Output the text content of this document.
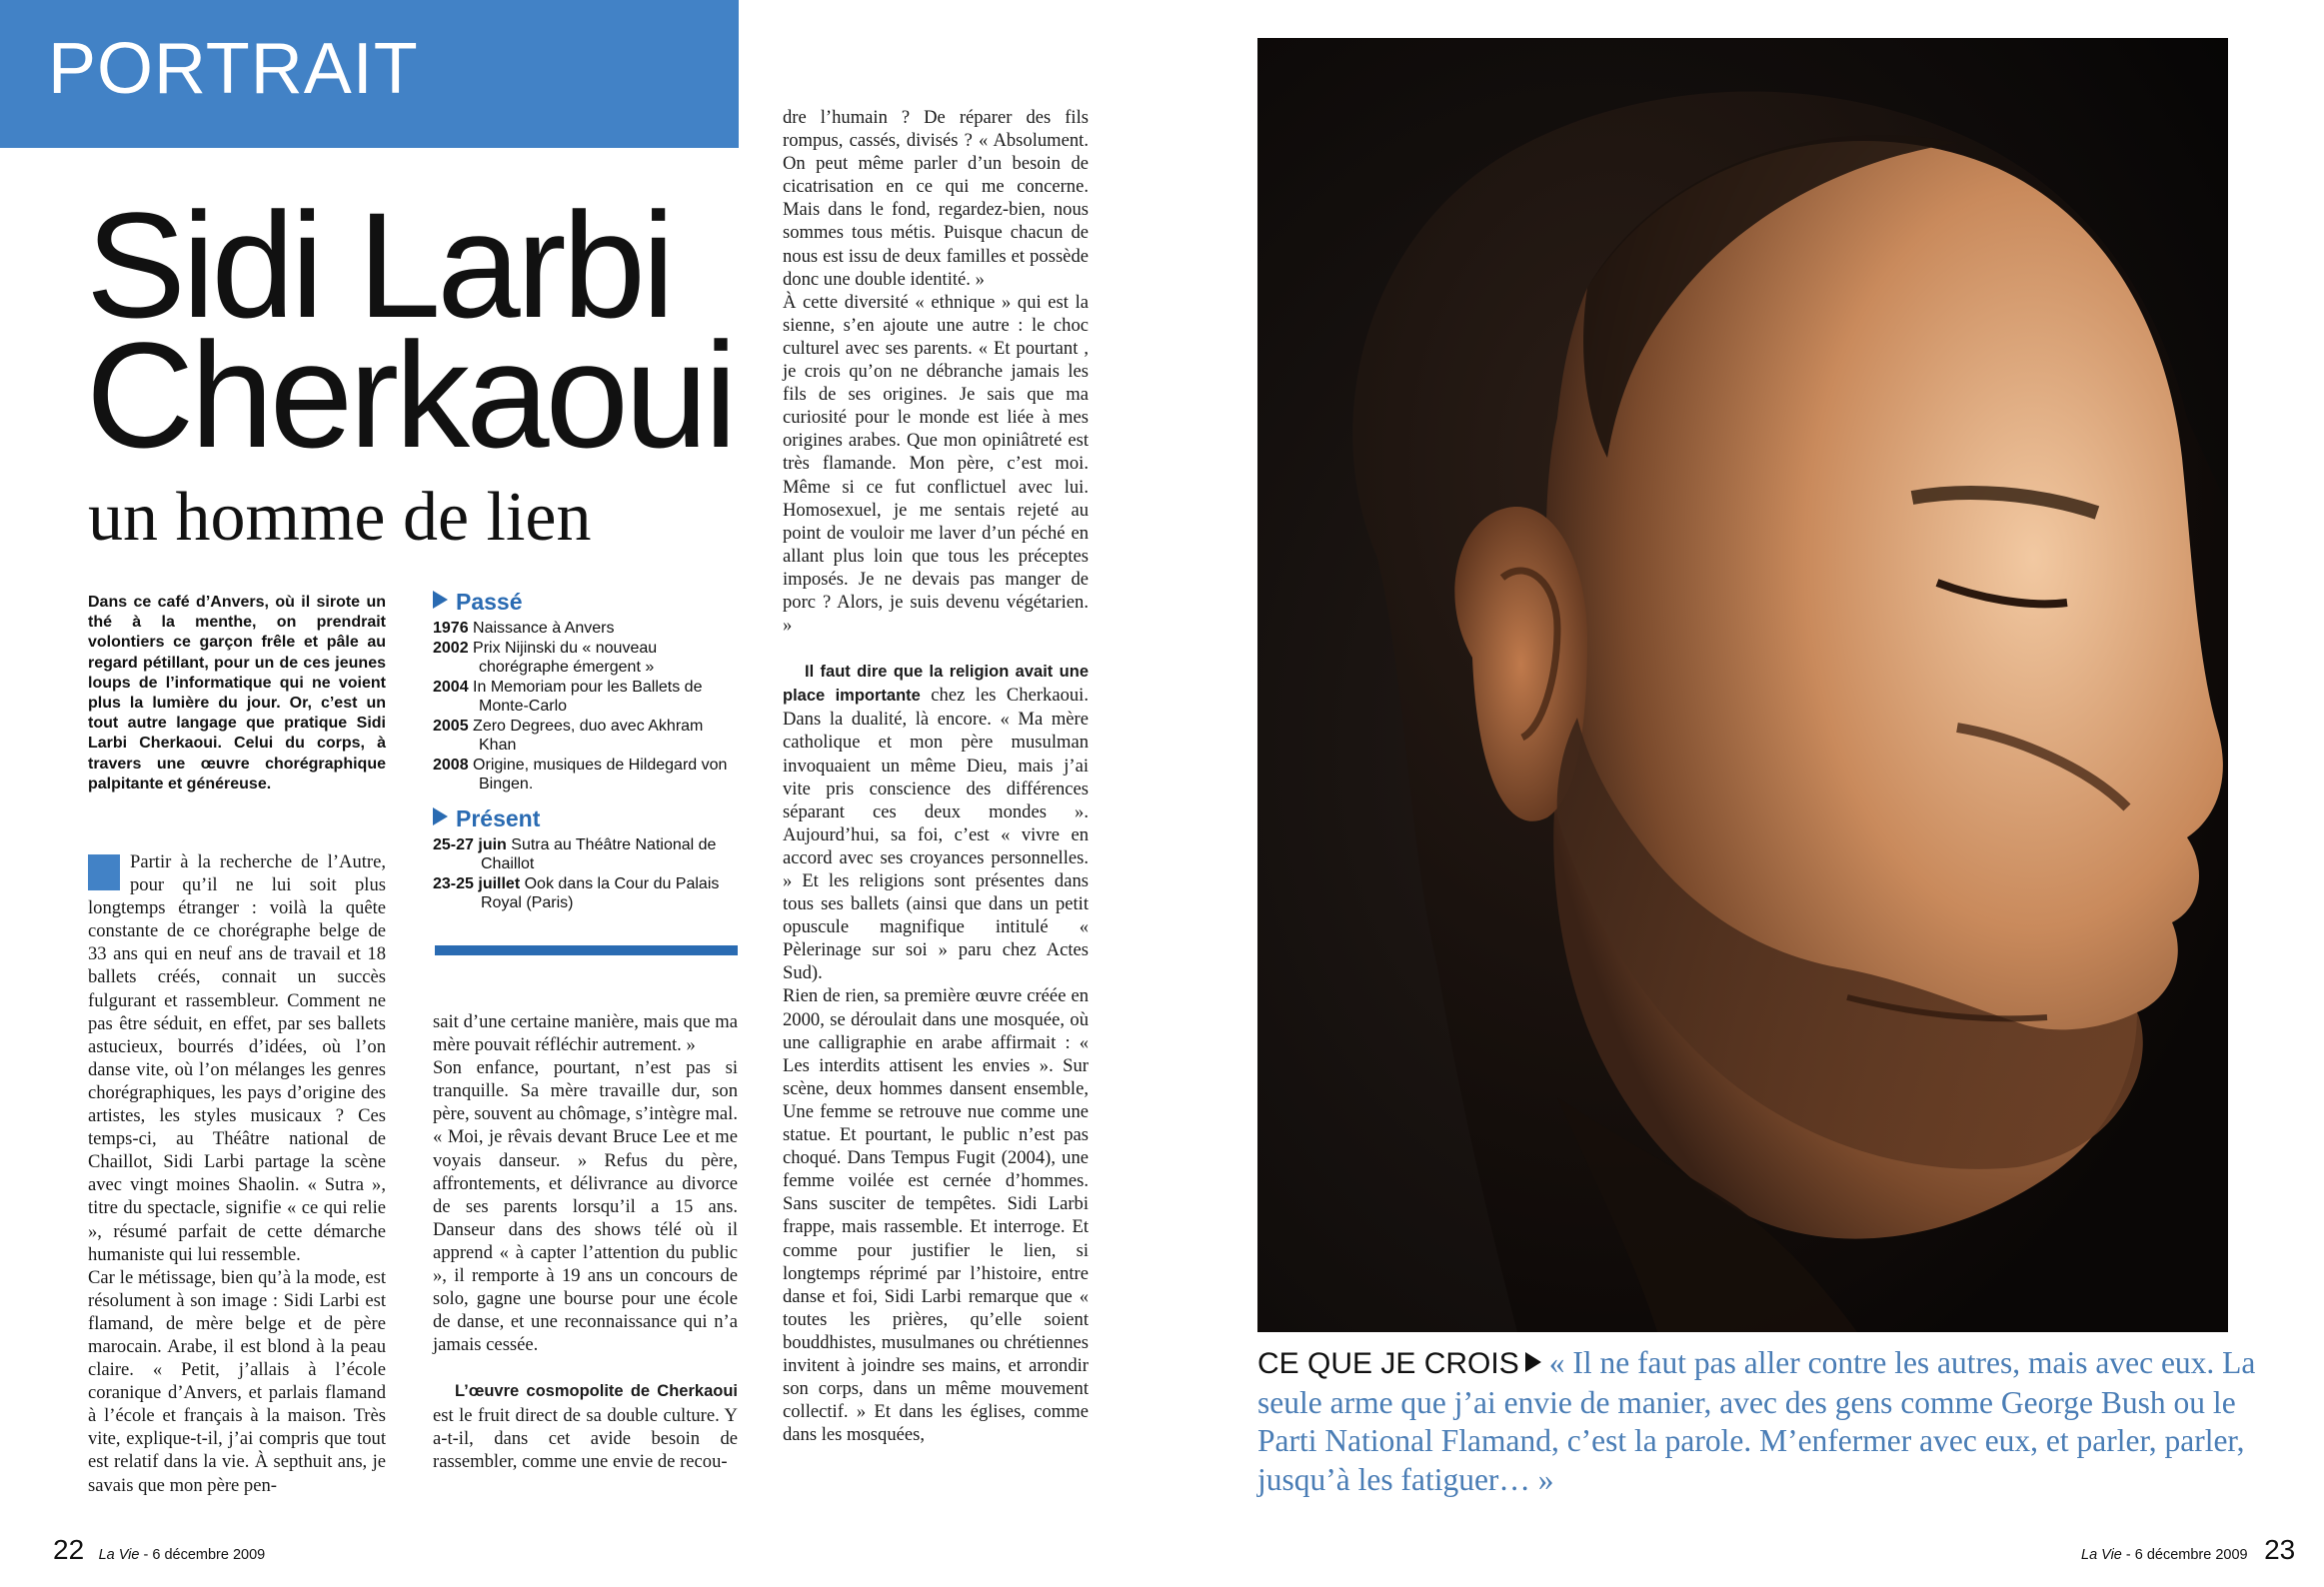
PORTRAIT
Sidi Larbi
Cherkaoui
un homme de lien
Dans ce café d’Anvers, où il sirote un thé à la menthe, on prendrait volontiers ce garçon frêle et pâle au regard pétillant, pour un de ces jeunes loups de l’informatique qui ne voient plus la lumière du jour. Or, c’est un tout autre langage que pratique Sidi Larbi Cherkaoui. Celui du corps, à travers une œuvre chorégraphique palpitante et généreuse.

Partir à la recherche de l’Autre, pour qu’il ne lui soit plus longtemps étranger : voilà la quête constante de ce chorégraphe belge de 33 ans qui en neuf ans de travail et 18 ballets créés, connait un succès fulgurant et rassembleur. Comment ne pas être séduit, en effet, par ses ballets astucieux, bourrés d’idées, où l’on danse vite, où l’on mélanges les genres chorégraphiques, les pays d’origine des artistes, les styles musicaux ? Ces temps-ci, au Théâtre national de Chaillot, Sidi Larbi partage la scène avec vingt moines Shaolin. « Sutra », titre du spectacle, signifie « ce qui relie », résumé parfait de cette démarche humaniste qui lui ressemble.

Car le métissage, bien qu’à la mode, est résolument à son image : Sidi Larbi est flamand, de mère belge et de père marocain. Arabe, il est blond à la peau claire. « Petit, j’allais à l’école coranique d’Anvers, et parlais flamand à l’école et français à la maison. Très vite, explique-t-il, j’ai compris que tout est relatif dans la vie. À septhuit ans, je savais que mon père pen-

Passé

1976 Naissance à Anvers

2002 Prix Nijinski du « nouveau chorégraphe émergent »

2004 In Memoriam pour les Ballets de Monte-Carlo

2005 Zero Degrees, duo avec Akhram Khan

2008 Origine, musiques de Hildegard von Bingen.

Présent

25-27 juin Sutra au Théâtre National de Chaillot

23-25 juillet Ook dans la Cour du Palais Royal (Paris)

sait d’une certaine manière, mais que ma mère pouvait réfléchir autrement. »

Son enfance, pourtant, n’est pas si tranquille. Sa mère travaille dur, son père, souvent au chômage, s’intègre mal. « Moi, je rêvais devant Bruce Lee et me voyais danseur. » Refus du père, affrontements, et délivrance au divorce de ses parents lorsqu’il a 15 ans. Danseur dans des shows télé où il apprend « à capter l’attention du public », il remporte à 19 ans un concours de solo, gagne une bourse pour une école de danse, et une reconnaissance qui n’a jamais cessée.

L’œuvre cosmopolite de Cherkaoui est le fruit direct de sa double culture. Y a-t-il, dans cet avide besoin de rassembler, comme une envie de recou-

dre l’humain ? De réparer des fils rompus, cassés, divisés ? « Absolument. On peut même parler d’un besoin de cicatrisation en ce qui me concerne. Mais dans le fond, regardez-bien, nous sommes tous métis. Puisque chacun de nous est issu de deux familles et possède donc une double identité. »

À cette diversité « ethnique » qui est la sienne, s’en ajoute une autre : le choc culturel avec ses parents. « Et pourtant , je crois qu’on ne débranche jamais les fils de ses origines. Je sais que ma curiosité pour le monde est liée à mes origines arabes. Que mon opiniâtreté est très flamande. Mon père, c’est moi. Même si ce fut conflictuel avec lui. Homosexuel, je me sentais rejeté au point de vouloir me laver d’un péché en allant plus loin que tous les préceptes imposés. Je ne devais pas manger de porc ? Alors, je suis devenu végétarien. »

Il faut dire que la religion avait une place importante chez les Cherkaoui. Dans la dualité, là encore. « Ma mère catholique et mon père musulman invoquaient un même Dieu, mais j’ai vite pris conscience des différences séparant ces deux mondes ». Aujourd’hui, sa foi, c’est « vivre en accord avec ses croyances personnelles. » Et les religions sont présentes dans tous ses ballets (ainsi que dans un petit opuscule magnifique intitulé « Pèlerinage sur soi » paru chez Actes Sud).

Rien de rien, sa première œuvre créée en 2000, se déroulait dans une mosquée, où une calligraphie en arabe affirmait : « Les interdits attisent les envies ». Sur scène, deux hommes dansent ensemble, Une femme se retrouve nue comme une statue. Et pourtant, le public n’est pas choqué. Dans Tempus Fugit (2004), une femme voilée est cernée d’hommes. Sans susciter de tempêtes. Sidi Larbi frappe, mais rassemble. Et interroge. Et comme pour justifier le lien, si longtemps réprimé par l’histoire, entre danse et foi, Sidi Larbi remarque que « toutes les prières, qu’elle soient bouddhistes, musulmanes ou chrétiennes invitent à joindre ses mains, et arrondir son corps, dans un même mouvement collectif. » Et dans les églises, comme dans les mosquées,

CE QUE JE CROIS « Il ne faut pas aller contre les autres, mais avec eux. La seule arme que j’ai envie de manier, avec des gens comme George Bush ou le Parti National Flamand, c’est la parole. M’enfermer avec eux, et parler, parler, jusqu’à les fatiguer… »
22 La Vie - 6 décembre 2009	La Vie - 6 décembre 2009 23
